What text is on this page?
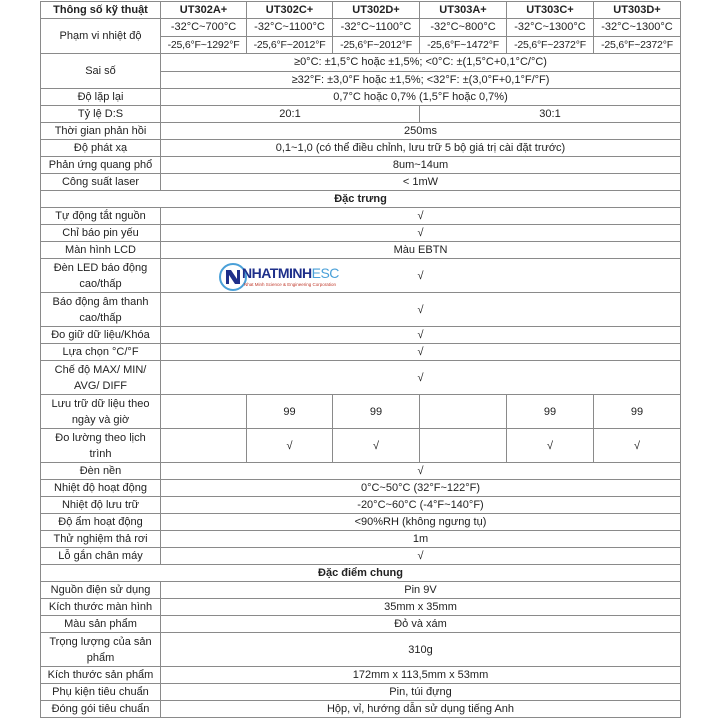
Thông số kỹ thuật	UT302A+	UT302C+	UT302D+	UT303A+	UT303C+	UT303D+
Phạm vi nhiệt độ	-32°C~700°C	-32°C~1100°C	-32°C~1100°C	-32°C~800°C	-32°C~1300°C	-32°C~1300°C
	-25,6°F~1292°F	-25,6°F~2012°F	-25,6°F~2012°F	-25,6°F~1472°F	-25,6°F~2372°F	-25,6°F~2372°F
Sai số	≥0°C: ±1,5°C hoặc ±1,5%; <0°C: ±(1,5°C+0,1°C/°C)					
	≥32°F: ±3,0°F hoặc ±1,5%; <32°F: ±(3,0°F+0,1°F/°F)					
Độ lặp lại	0,7°C hoặc 0,7% (1,5°F hoặc 0,7%)					
Tỷ lệ D:S	20:1			30:1		
Thời gian phản hồi	250ms					
Độ phát xạ	0,1~1,0 (có thể điều chỉnh, lưu trữ 5 bộ giá trị cài đặt trước)					
Phản ứng quang phổ	8um~14um					
Công suất laser	< 1mW					
Đặc trưng						
Tự động tắt nguồn	√					
Chỉ báo pin yếu	√					
Màn hình LCD	Màu EBTN					
Đèn LED báo động cao/thấp	√					
Báo động âm thanh cao/thấp	√					
Đo giữ dữ liệu/Khóa	√					
Lựa chọn °C/°F	√					
Chế độ MAX/ MIN/ AVG/ DIFF	√					
Lưu trữ dữ liệu theo ngày và giờ		99	99		99	99
Đo lường theo lịch trình		√	√		√	√
Đèn nền	√					
Nhiệt độ hoạt động	0°C~50°C (32°F~122°F)					
Nhiệt độ lưu trữ	-20°C~60°C (-4°F~140°F)					
Độ ẩm hoạt động	<90%RH (không ngưng tụ)					
Thử nghiệm thả rơi	1m					
Lỗ gắn chân máy	√					
Đặc điểm chung						
Nguồn điện sử dụng	Pin 9V					
Kích thước màn hình	35mm x 35mm					
Màu sản phẩm	Đỏ và xám					
Trọng lượng của sản phẩm	310g					
Kích thước sản phẩm	172mm x 113,5mm x 53mm					
Phụ kiện tiêu chuẩn	Pin, túi đựng					
Đóng gói tiêu chuẩn	Hộp, vỉ, hướng dẫn sử dụng tiếng Anh					
NHATMINHESC
Nhat Minh Science & Engineering Corporation
